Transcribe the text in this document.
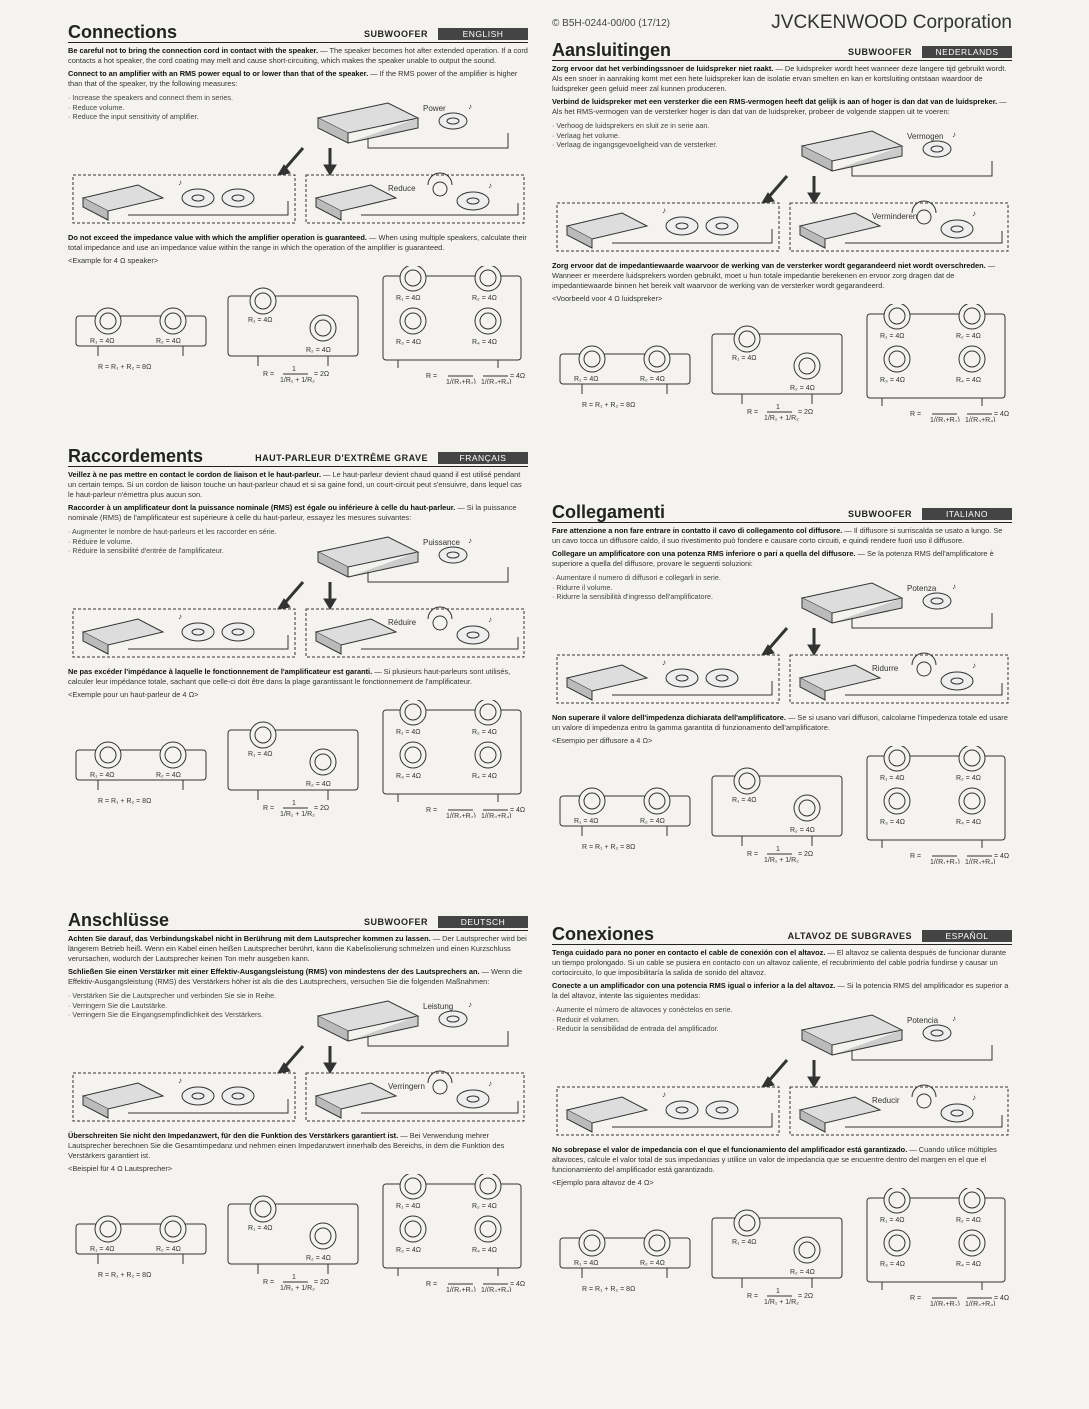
© B5H-0244-00/00 (17/12)	JVCKENWOOD Corporation
Connections	SUBWOOFER	ENGLISH

Be careful not to bring the connection cord in contact with the speaker. — The speaker becomes hot after extended operation. If a cord contacts a hot speaker, the cord coating may melt and cause short-circuiting, which makes the speaker unable to output the sound.

Connect to an amplifier with an RMS power equal to or lower than that of the speaker. — If the RMS power of the amplifier is higher than that of the speaker, try the following measures:

· Increase the speakers and connect them in series.
· Reduce volume.
· Reduce the input sensitivity of amplifier.
Power
Reduce
♪
♪
♪

Do not exceed the impedance value with which the amplifier operation is guaranteed. — When using multiple speakers, calculate their total impedance and use an impedance value within the range in which the operation of the amplifier is guaranteed.

<Example for 4 Ω speaker>

R₁ = 4Ω	R₂ = 4Ω
R = R₁ + R₂ = 8Ω
R₁ = 4Ω
R₂ = 4Ω
R =
1
1/R₁ + 1/R₂
= 2Ω
R₁ = 4Ω	R₂ = 4Ω
R₃ = 4Ω	R₄ = 4Ω
R =
1/(R₁+R₂) 1/(R₃+R₄)
= 4Ω
Raccordements	HAUT-PARLEUR D'EXTRÊME GRAVE	FRANÇAIS

Veillez à ne pas mettre en contact le cordon de liaison et le haut-parleur. — Le haut-parleur devient chaud quand il est utilisé pendant un certain temps. Si un cordon de liaison touche un haut-parleur chaud et si sa gaine fond, un court-circuit peut s'ensuivre, dans lequel cas le haut-parleur n'émettra plus aucun son.

Raccorder à un amplificateur dont la puissance nominale (RMS) est égale ou inférieure à celle du haut-parleur. — Si la puissance nominale (RMS) de l'amplificateur est supérieure à celle du haut-parleur, essayez les mesures suivantes:

· Augmenter le nombre de haut-parleurs et les raccorder en série.
· Réduire le volume.
· Réduire la sensibilité d'entrée de l'amplificateur.
Puissance
Réduire
♪
♪
♪

Ne pas excéder l'impédance à laquelle le fonctionnement de l'amplificateur est garanti. — Si plusieurs haut-parleurs sont utilisés, calculer leur impédance totale, sachant que celle-ci doit être dans la plage garantissant le fonctionnement de l'amplificateur.

<Exemple pour un haut-parleur de 4 Ω>

R₁ = 4Ω	R₂ = 4Ω
R = R₁ + R₂ = 8Ω
R₁ = 4Ω
R₂ = 4Ω
R =
1
1/R₁ + 1/R₂
= 2Ω
R₁ = 4Ω	R₂ = 4Ω
R₃ = 4Ω	R₄ = 4Ω
R =
1/(R₁+R₂) 1/(R₃+R₄)
= 4Ω
Anschlüsse	SUBWOOFER	DEUTSCH

Achten Sie darauf, das Verbindungskabel nicht in Berührung mit dem Lautsprecher kommen zu lassen. — Der Lautsprecher wird bei längerem Betrieb heiß. Wenn ein Kabel einen heißen Lautsprecher berührt, kann die Kabelisolierung schmelzen und einen Kurzschluss verursachen, wodurch der Lautsprecher keinen Ton mehr ausgeben kann.

Schließen Sie einen Verstärker mit einer Effektiv-Ausgangsleistung (RMS) von mindestens der des Lautsprechers an. — Wenn die Effektiv-Ausgangsleistung (RMS) des Verstärkers höher ist als die des Lautsprechers, versuchen Sie die folgenden Maßnahmen:

· Verstärken Sie die Lautsprecher und verbinden Sie sie in Reihe.
· Verringern Sie die Lautstärke.
· Verringern Sie die Eingangsempfindlichkeit des Verstärkers.
Leistung
Verringern
♪
♪
♪

Überschreiten Sie nicht den Impedanzwert, für den die Funktion des Verstärkers garantiert ist. — Bei Verwendung mehrer Lautsprecher berechnen Sie die Gesamtimpedanz und nehmen einen Impedanzwert innerhalb des Bereichs, in dem die Funktion des Verstärkers garantiert ist.

<Beispiel für 4 Ω Lautsprecher>

R₁ = 4Ω	R₂ = 4Ω
R = R₁ + R₂ = 8Ω
R₁ = 4Ω
R₂ = 4Ω
R =
1
1/R₁ + 1/R₂
= 2Ω
R₁ = 4Ω	R₂ = 4Ω
R₃ = 4Ω	R₄ = 4Ω
R =
1/(R₁+R₂) 1/(R₃+R₄)
= 4Ω
Aansluitingen	SUBWOOFER	NEDERLANDS

Zorg ervoor dat het verbindingssnoer de luidspreker niet raakt. — De luidspreker wordt heet wanneer deze langere tijd gebruikt wordt. Als een snoer in aanraking komt met een hete luidspreker kan de isolatie ervan smelten en kan er kortsluiting ontstaan waardoor de luidspreker geen geluid meer zal kunnen produceren.

Verbind de luidspreker met een versterker die een RMS-vermogen heeft dat gelijk is aan of hoger is dan dat van de luidspreker. — Als het RMS-vermogen van de versterker hoger is dan dat van de luidspreker, probeer de volgende stappen uit te voeren:

· Verhoog de luidsprekers en sluit ze in serie aan.
· Verlaag het volume.
· Verlaag de ingangsgevoeligheid van de versterker.
Vermogen
Verminderen
♪
♪
♪

Zorg ervoor dat de impedantiewaarde waarvoor de werking van de versterker wordt gegarandeerd niet wordt overschreden. — Wanneer er meerdere luidsprekers worden gebruikt, moet u hun totale impedantie berekenen en ervoor zorg dragen dat de impedantiewaarde binnen het bereik valt waarvoor de werking van de versterker wordt gegarandeerd.

<Voorbeeld voor 4 Ω luidspreker>

R₁ = 4Ω	R₂ = 4Ω
R = R₁ + R₂ = 8Ω
R₁ = 4Ω
R₂ = 4Ω
R =
1
1/R₁ + 1/R₂
= 2Ω
R₁ = 4Ω	R₂ = 4Ω
R₃ = 4Ω	R₄ = 4Ω
R =
1/(R₁+R₂) 1/(R₃+R₄)
= 4Ω
Collegamenti	SUBWOOFER	ITALIANO

Fare attenzione a non fare entrare in contatto il cavo di collegamento col diffusore. — Il diffusore si surriscalda se usato a lungo. Se un cavo tocca un diffusore caldo, il suo rivestimento può fondere e causare corto circuiti, e quindi rendere fuori uso il diffusore.

Collegare un amplificatore con una potenza RMS inferiore o pari a quella del diffusore. — Se la potenza RMS dell'amplificatore è superiore a quella del diffusore, provare le seguenti soluzioni:

· Aumentare il numero di diffusori e collegarli in serie.
· Ridurre il volume.
· Ridurre la sensibilità d'ingresso dell'amplificatore.
Potenza
Ridurre
♪
♪
♪

Non superare il valore dell'impedenza dichiarata dell'amplificatore. — Se si usano vari diffusori, calcolarne l'impedenza totale ed usare un valore di impedenza entro la gamma garantita di funzionamento dell'amplificatore.

<Esempio per diffusore a 4 Ω>

R₁ = 4Ω	R₂ = 4Ω
R = R₁ + R₂ = 8Ω
R₁ = 4Ω
R₂ = 4Ω
R =
1
1/R₁ + 1/R₂
= 2Ω
R₁ = 4Ω	R₂ = 4Ω
R₃ = 4Ω	R₄ = 4Ω
R =
1/(R₁+R₂) 1/(R₃+R₄)
= 4Ω
Conexiones	ALTAVOZ DE SUBGRAVES	ESPAÑOL

Tenga cuidado para no poner en contacto el cable de conexión con el altavoz. — El altavoz se calienta después de funcionar durante un tiempo prolongado. Si un cable se pusiera en contacto con un altavoz caliente, el recubrimiento del cable podría fundirse y causar un cortocircuito, lo que imposibilitaría la salida de sonido del altavoz.

Conecte a un amplificador con una potencia RMS igual o inferior a la del altavoz. — Si la potencia RMS del amplificador es superior a la del altavoz, intente las siguientes medidas:

· Aumente el número de altavoces y conéctelos en serie.
· Reducir el volumen.
· Reducir la sensibilidad de entrada del amplificador.
Potencia
Reducir
♪
♪
♪

No sobrepase el valor de impedancia con el que el funcionamiento del amplificador está garantizado. — Cuando utilice múltiples altavoces, calcule el valor total de sus impedancias y utilice un valor de impedancia que se encuentre dentro del margen en el que el funcionamiento del amplificador está garantizado.

<Ejemplo para altavoz de 4 Ω>

R₁ = 4Ω	R₂ = 4Ω
R = R₁ + R₂ = 8Ω
R₁ = 4Ω
R₂ = 4Ω
R =
1
1/R₁ + 1/R₂
= 2Ω
R₁ = 4Ω	R₂ = 4Ω
R₃ = 4Ω	R₄ = 4Ω
R =
1/(R₁+R₂) 1/(R₃+R₄)
= 4Ω
